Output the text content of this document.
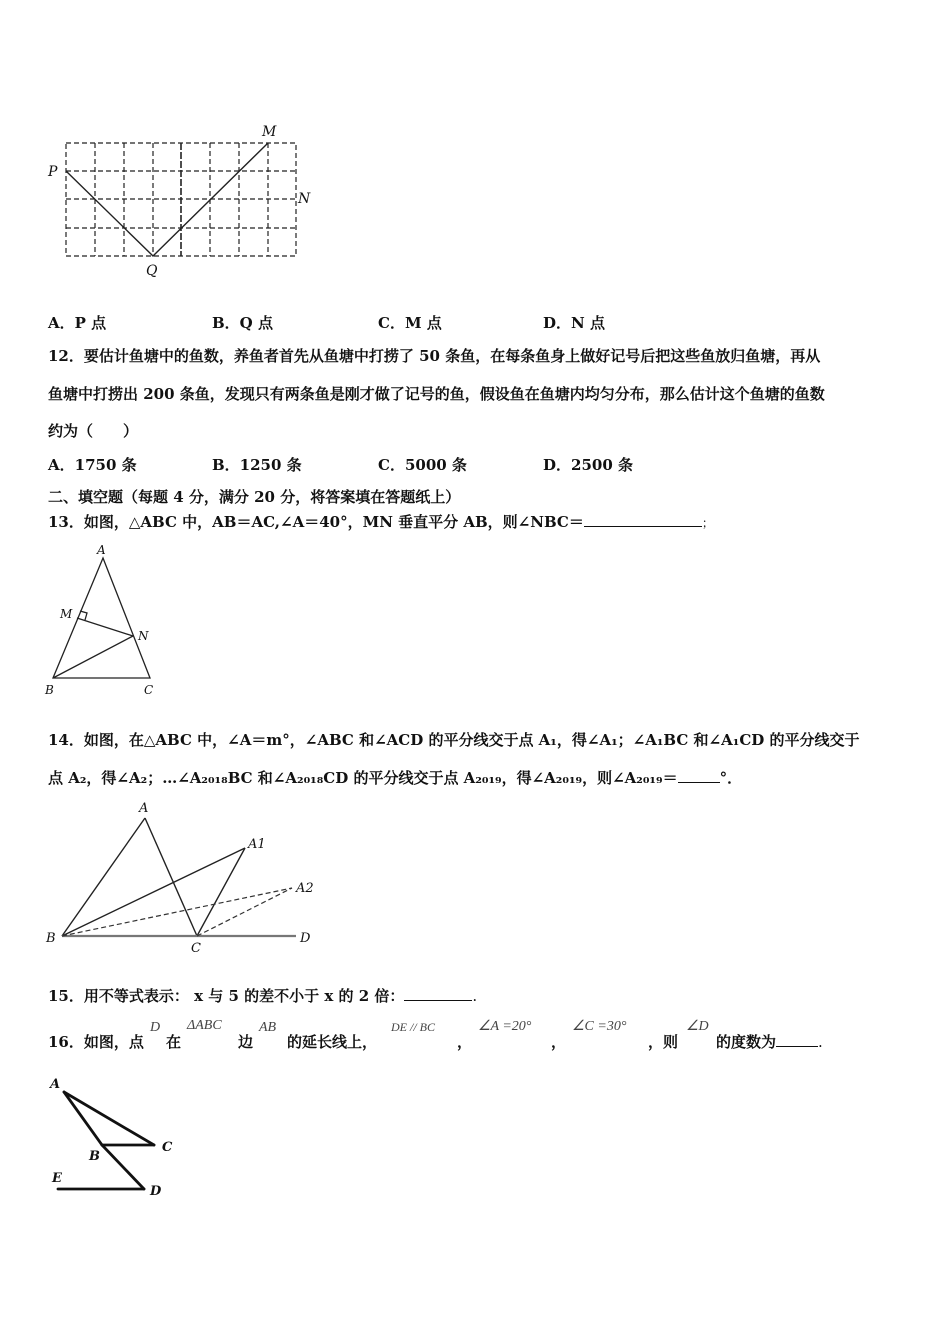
M
P
N
Q
A．P 点	B．Q 点	C．M 点	D．N 点
12．要估计鱼塘中的鱼数，养鱼者首先从鱼塘中打捞了 50 条鱼，在每条鱼身上做好记号后把这些鱼放归鱼塘，再从
鱼塘中打捞出 200 条鱼，发现只有两条鱼是刚才做了记号的鱼，假设鱼在鱼塘内均匀分布，那么估计这个鱼塘的鱼数
约为（　　）
A．1750 条	B．1250 条	C．5000 条	D．2500 条
二、填空题（每题 4 分，满分 20 分，将答案填在答题纸上）
13．如图，△ABC 中，AB＝AC,∠A＝40°，MN 垂直平分 AB，则∠NBC＝	；
A
M
N
B	C
14．如图，在△ABC 中，∠A＝m°，∠ABC 和∠ACD 的平分线交于点 A₁，得∠A₁；∠A₁BC 和∠A₁CD 的平分线交于
点 A₂，得∠A₂；…∠A₂₀₁₈BC 和∠A₂₀₁₈CD 的平分线交于点 A₂₀₁₉，得∠A₂₀₁₉，则∠A₂₀₁₉＝	°．
A
A1
A2
B
C
D
15．用不等式表示： x 与 5 的差不小于 x 的 2 倍：	.
16．如图，点
D
在
ΔABC
边
AB
的延长线上，
DE // BC
，
∠A =20°
，
∠C =30°
，则
∠D
的度数为	.
A
C
B
E
D
